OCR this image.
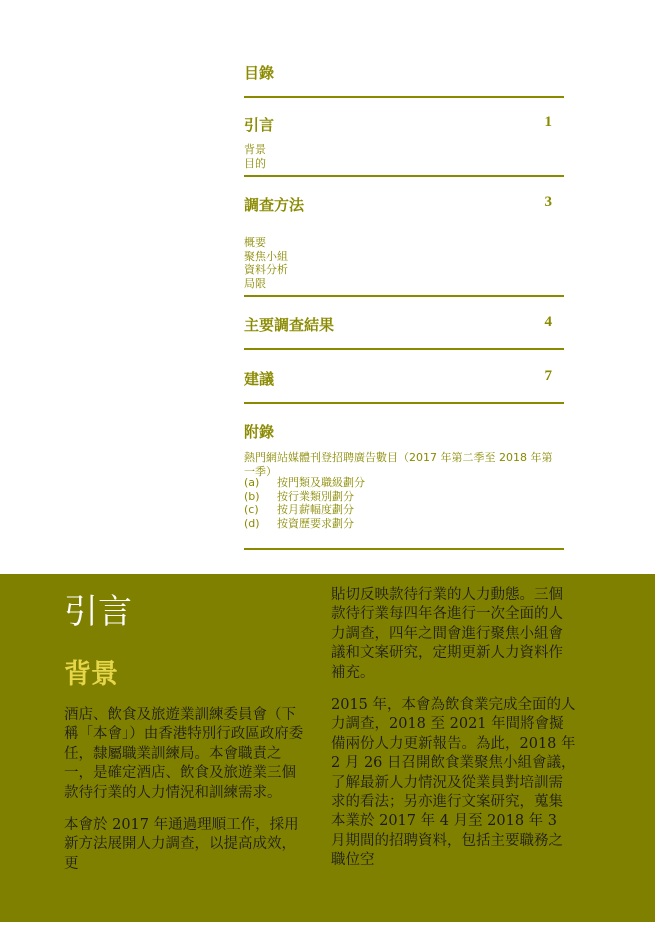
目錄
引言	1
背景
目的
調查方法	3
概要
聚焦小組
資料分析
局限
主要調查結果	4
建議	7
附錄
熱門網站媒體刊登招聘廣告數目（2017 年第二季至 2018 年第一季）
(a)	按門類及職級劃分
(b)	按行業類別劃分
(c)	按月薪幅度劃分
(d)	按資歷要求劃分
引言
背景

酒店、飲食及旅遊業訓練委員會（下稱「本會」）由香港特別行政區政府委任，隸屬職業訓練局。本會職責之一，是確定酒店、飲食及旅遊業三個款待行業的人力情況和訓練需求。

本會於 2017 年通過理順工作，採用新方法展開人力調查，以提高成效，更

貼切反映款待行業的人力動態。三個款待行業每四年各進行一次全面的人力調查，四年之間會進行聚焦小組會議和文案研究，定期更新人力資料作補充。

2015 年，本會為飲食業完成全面的人力調查，2018 至 2021 年間將會擬備兩份人力更新報告。為此，2018 年 2 月 26 日召開飲食業聚焦小組會議，了解最新人力情況及從業員對培訓需求的看法；另亦進行文案研究，蒐集本業於 2017 年 4 月至 2018 年 3 月期間的招聘資料，包括主要職務之職位空
